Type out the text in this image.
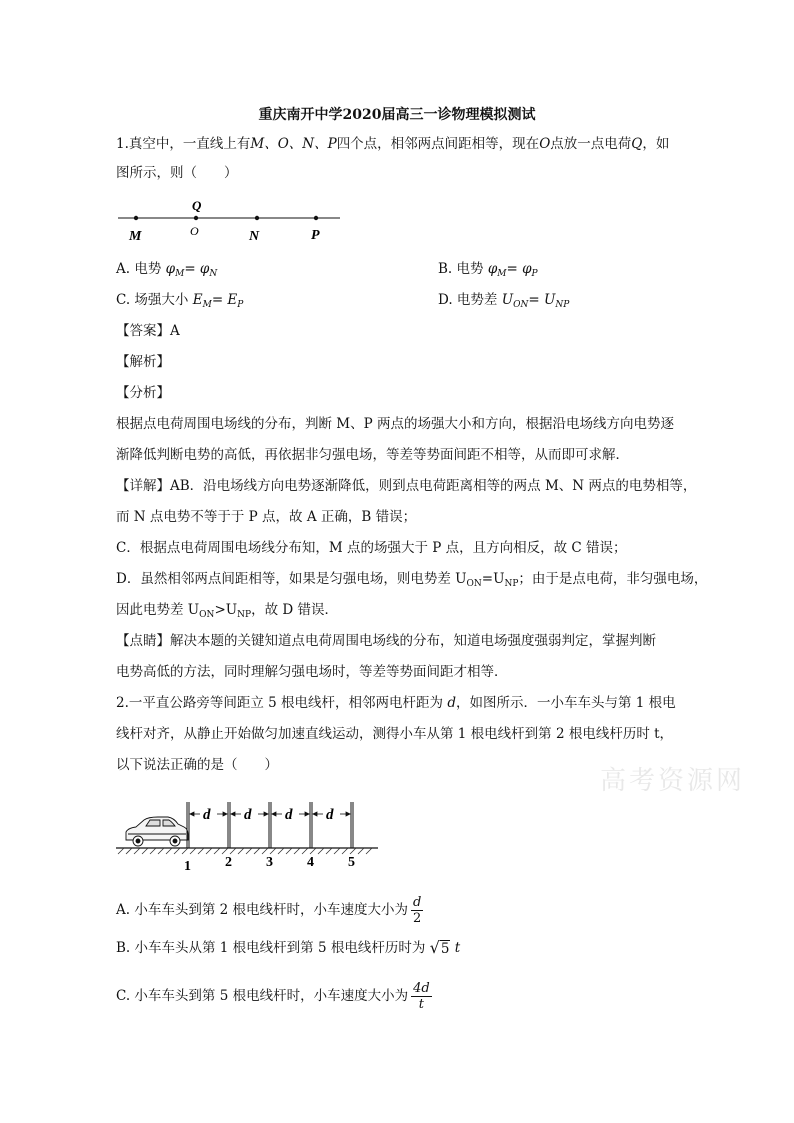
重庆南开中学2020届高三一诊物理模拟测试
1.真空中，一直线上有M、O、N、P四个点，相邻两点间距相等，现在O点放一点电荷Q，如
图所示，则（　　）
Q
M	O	N	P
A. 电势 $\varphi_M= \varphi_N$	B. 电势 $\varphi_M= \varphi_P$
C. 场强大小 $E_M= E_P$	D. 电势差 $U_{ON}= U_{NP}$
【答案】A
【解析】
【分析】
根据点电荷周围电场线的分布，判断 M、P 两点的场强大小和方向，根据沿电场线方向电势逐
渐降低判断电势的高低，再依据非匀强电场，等差等势面间距不相等，从而即可求解．
【详解】AB．沿电场线方向电势逐渐降低，则到点电荷距离相等的两点 M、N 两点的电势相等，
而 N 点电势不等于于 P 点，故 A 正确，B 错误；
C．根据点电荷周围电场线分布知，M 点的场强大于 P 点，且方向相反，故 C 错误；
D．虽然相邻两点间距相等，如果是匀强电场，则电势差 $U_{ON}=U_{NP}$；由于是点电荷，非匀强电场，
因此电势差 $U_{ON}>U_{NP}$，故 D 错误．
【点睛】解决本题的关键知道点电荷周围电场线的分布，知道电场强度强弱判定，掌握判断
电势高低的方法，同时理解匀强电场时，等差等势面间距才相等．
2.一平直公路旁等间距立 5 根电线杆，相邻两电杆距为 d，如图所示．一小车车头与第 1 根电
线杆对齐，从静止开始做匀加速直线运动，测得小车从第 1 根电线杆到第 2 根电线杆历时 t，
以下说法正确的是（　　）
高考资源网
d d d d
1 2 3 4 5
A. 小车车头到第 2 根电线杆时，小车速度大小为 $\frac{d}{2}$
B. 小车车头从第 1 根电线杆到第 5 根电线杆历时为 √5 t
C. 小车车头到第 5 根电线杆时，小车速度大小为 $\frac{4d}{t}$
